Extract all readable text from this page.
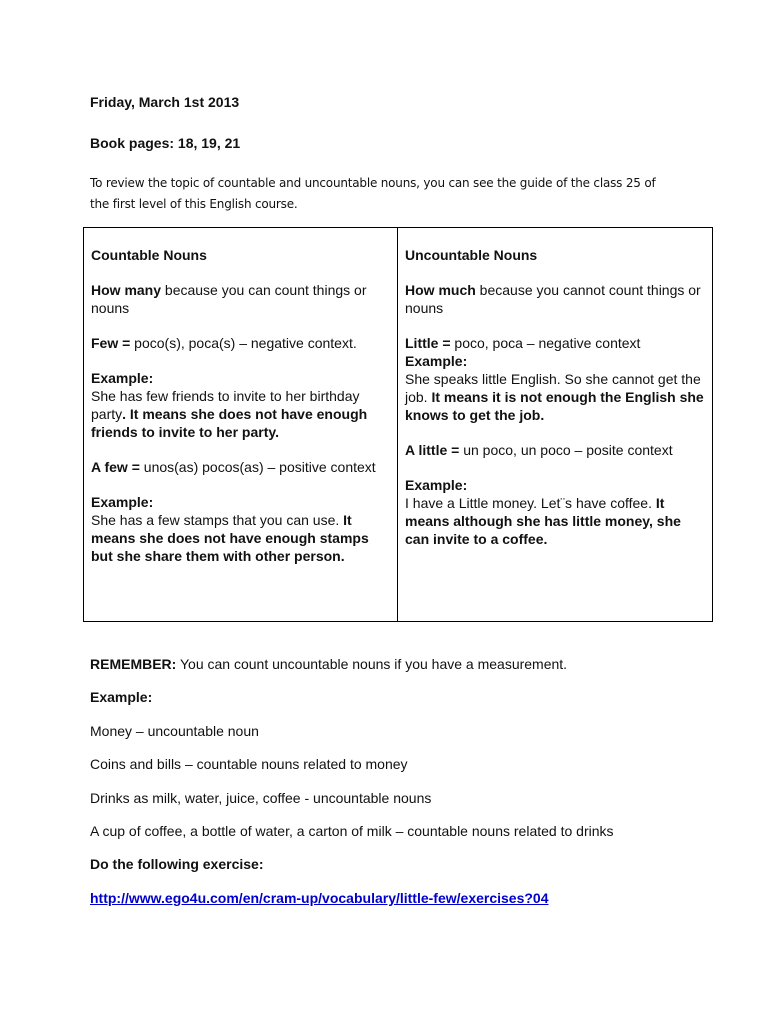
Friday, March 1st 2013
Book pages: 18, 19, 21
To review the topic of countable and uncountable nouns, you can see the guide of the class 25 of the first level of this English course.
Countable Nouns
How many because you can count things or nouns
Few = poco(s), poca(s) – negative context.
Example:
She has few friends to invite to her birthday party. It means she does not have enough friends to invite to her party.
A few = unos(as) pocos(as) – positive context
Example:
She has a few stamps that you can use. It means she does not have enough stamps but she share them with other person.

Uncountable Nouns
How much because you cannot count things or nouns
Little = poco, poca – negative context
Example:
She speaks little English. So she cannot get the job. It means it is not enough the English she knows to get the job.
A little = un poco, un poco – posite context
Example:
I have a Little money. Let¨s have coffee. It means although she has little money, she can invite to a coffee.
REMEMBER: You can count uncountable nouns if you have a measurement.
Example:
Money – uncountable noun
Coins and bills – countable nouns related to money
Drinks as milk, water, juice, coffee - uncountable nouns
A cup of coffee, a bottle of water, a carton of milk – countable nouns related to drinks
Do the following exercise:
http://www.ego4u.com/en/cram-up/vocabulary/little-few/exercises?04
